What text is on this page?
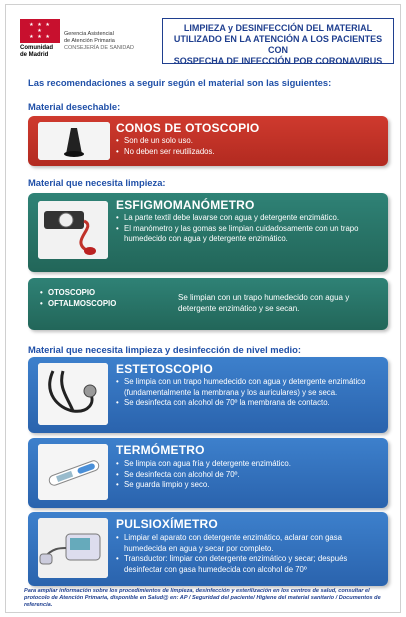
★ ★ ★ ★
★ ★ ★
Comunidad
de Madrid
Gerencia Asistencial
de Atención Primaria
CONSEJERÍA DE SANIDAD
LIMPIEZA y DESINFECCIÓN DEL MATERIAL
UTILIZADO EN LA ATENCIÓN A LOS PACIENTES CON
SOSPECHA DE INFECCIÓN POR CORONAVIRUS
Las recomendaciones a seguir según el material son las siguientes:
Material desechable:
CONOS DE OTOSCOPIO
• Son de un solo uso.
• No deben ser reutilizados.
Material que necesita limpieza:
ESFIGMOMANÓMETRO
• La parte textil debe lavarse con agua y detergente enzimático.
• El manómetro y las gomas se limpian cuidadosamente con un trapo humedecido con agua y detergente enzimático.
• OTOSCOPIO
• OFTALMOSCOPIO
Se limpian con un trapo humedecido con agua y detergente enzimático y se secan.
Material que necesita limpieza y desinfección de nivel medio:
ESTETOSCOPIO
• Se limpia con un trapo humedecido con agua y detergente enzimático (fundamentalmente la membrana y los auriculares) y se seca.
• Se desinfecta con alcohol de 70º la membrana de contacto.
TERMÓMETRO
• Se limpia con agua fría y detergente enzimático.
• Se desinfecta con alcohol de 70º.
• Se guarda limpio y seco.
PULSIOXÍMETRO
• Limpiar el aparato con detergente enzimático, aclarar con gasa humedecida en agua y secar por completo.
• Transductor: limpiar con detergente enzimático y secar; después desinfectar con gasa humedecida con alcohol de 70º
Para ampliar información sobre los procedimientos de limpieza, desinfección y esterilización en los centros de salud, consultar el protocolo de Atención Primaria, disponible en Salud@ en: AP / Seguridad del paciente/ Higiene del material sanitario / Documentos de referencia.
